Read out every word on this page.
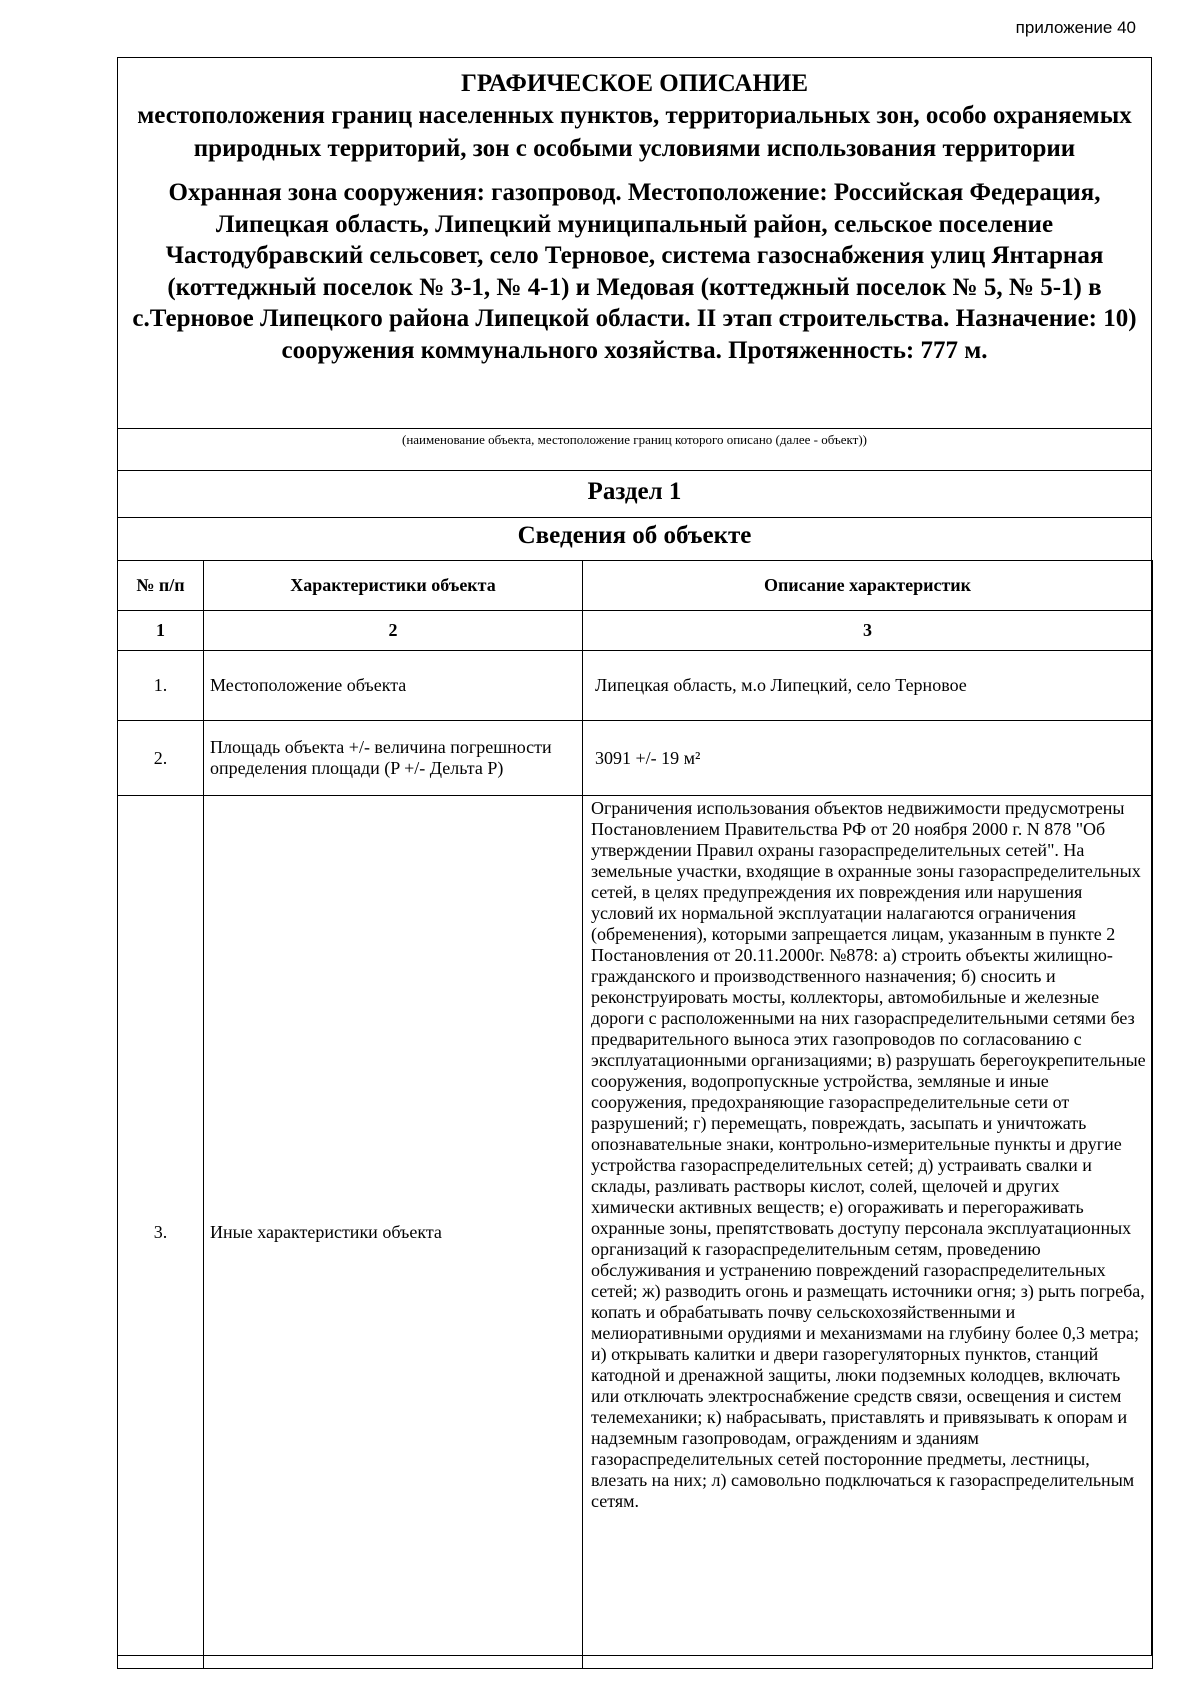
приложение 40
ГРАФИЧЕСКОЕ ОПИСАНИЕ
местоположения границ населенных пунктов, территориальных зон, особо охраняемых природных территорий, зон с особыми условиями использования территории
Охранная зона сооружения: газопровод. Местоположение: Российская Федерация, Липецкая область, Липецкий муниципальный район, сельское поселение Частодубравский сельсовет, село Терновое, система газоснабжения улиц Янтарная (коттеджный поселок № 3-1, № 4-1) и Медовая (коттеджный поселок № 5, № 5-1) в с.Терновое Липецкого района Липецкой области. II этап строительства. Назначение: 10) сооружения коммунального хозяйства. Протяженность: 777 м.
(наименование объекта, местоположение границ которого описано (далее - объект))
Раздел 1
Сведения об объекте
№ п/п	Характеристики объекта	Описание характеристик
1	2	3
1.	Местоположение объекта	Липецкая область, м.о Липецкий, село Терновое
2.	Площадь объекта +/- величина погрешности определения площади (P +/- Дельта P)	3091 +/- 19 м²
3.	Иные характеристики объекта	Ограничения использования объектов недвижимости предусмотрены Постановлением Правительства РФ от 20 ноября 2000 г. N 878 "Об утверждении Правил охраны газораспределительных сетей". На земельные участки, входящие в охранные зоны газораспределительных сетей, в целях предупреждения их повреждения или нарушения условий их нормальной эксплуатации налагаются ограничения (обременения), которыми запрещается лицам, указанным в пункте 2 Постановления от 20.11.2000г. №878: а) строить объекты жилищно-гражданского и производственного назначения; б) сносить и реконструировать мосты, коллекторы, автомобильные и железные дороги с расположенными на них газораспределительными сетями без предварительного выноса этих газопроводов по согласованию с эксплуатационными организациями; в) разрушать берегоукрепительные сооружения, водопропускные устройства, земляные и иные сооружения, предохраняющие газораспределительные сети от разрушений; г) перемещать, повреждать, засыпать и уничтожать опознавательные знаки, контрольно-измерительные пункты и другие устройства газораспределительных сетей; д) устраивать свалки и склады, разливать растворы кислот, солей, щелочей и других химически активных веществ; е) огораживать и перегораживать охранные зоны, препятствовать доступу персонала эксплуатационных организаций к газораспределительным сетям, проведению обслуживания и устранению повреждений газораспределительных сетей; ж) разводить огонь и размещать источники огня; з) рыть погреба, копать и обрабатывать почву сельскохозяйственными и мелиоративными орудиями и механизмами на глубину более 0,3 метра; и) открывать калитки и двери газорегуляторных пунктов, станций катодной и дренажной защиты, люки подземных колодцев, включать или отключать электроснабжение средств связи, освещения и систем телемеханики; к) набрасывать, приставлять и привязывать к опорам и надземным газопроводам, ограждениям и зданиям газораспределительных сетей посторонние предметы, лестницы, влезать на них; л) самовольно подключаться к газораспределительным сетям.
